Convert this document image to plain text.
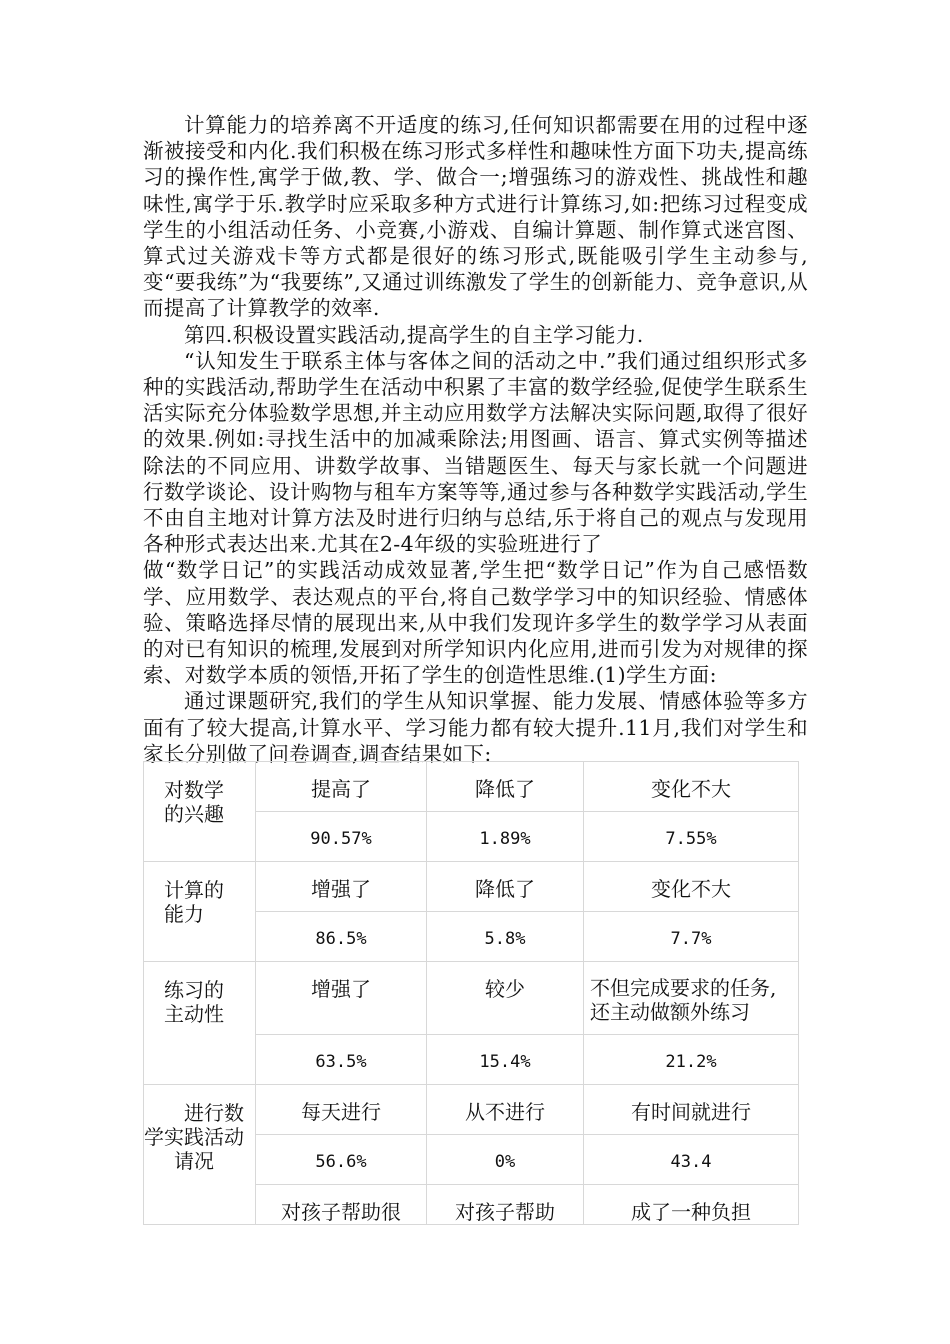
计算能力的培养离不开适度的练习,任何知识都需要在用的过程中逐渐被接受和内化.我们积极在练习形式多样性和趣味性方面下功夫,提高练习的操作性,寓学于做,教、学、做合一;增强练习的游戏性、挑战性和趣味性,寓学于乐.教学时应采取多种方式进行计算练习,如:把练习过程变成学生的小组活动任务、小竞赛,小游戏、自编计算题、制作算式迷宫图、算式过关游戏卡等方式都是很好的练习形式,既能吸引学生主动参与,变“要我练”为“我要练”,又通过训练激发了学生的创新能力、竞争意识,从而提高了计算教学的效率.

第四.积极设置实践活动,提高学生的自主学习能力.

“认知发生于联系主体与客体之间的活动之中.”我们通过组织形式多种的实践活动,帮助学生在活动中积累了丰富的数学经验,促使学生联系生活实际充分体验数学思想,并主动应用数学方法解决实际问题,取得了很好的效果.例如:寻找生活中的加减乘除法;用图画、语言、算式实例等描述除法的不同应用、讲数学故事、当错题医生、每天与家长就一个问题进行数学谈论、设计购物与租车方案等等,通过参与各种数学实践活动,学生不由自主地对计算方法及时进行归纳与总结,乐于将自己的观点与发现用各种形式表达出来.尤其在2-4年级的实验班进行了

做“数学日记”的实践活动成效显著,学生把“数学日记”作为自己感悟数学、应用数学、表达观点的平台,将自己数学学习中的知识经验、情感体验、策略选择尽情的展现出来,从中我们发现许多学生的数学学习从表面的对已有知识的梳理,发展到对所学知识内化应用,进而引发为对规律的探索、对数学本质的领悟,开拓了学生的创造性思维.(1)学生方面:

通过课题研究,我们的学生从知识掌握、能力发展、情感体验等多方面有了较大提高,计算水平、学习能力都有较大提升.11月,我们对学生和家长分别做了问卷调查,调查结果如下:

对数学
的兴趣	提高了	降低了	变化不大
	90.57%	1.89%	7.55%

计算的
能力	增强了	降低了	变化不大
	86.5%	5.8%	7.7%

练习的
主动性	增强了	较少	不但完成要求的任务,还主动做额外练习
	63.5%	15.4%	21.2%

进行数
学实践活动
请况	每天进行	从不进行	有时间就进行
	56.6%	0%	43.4
	对孩子帮助很	对孩子帮助	成了一种负担
